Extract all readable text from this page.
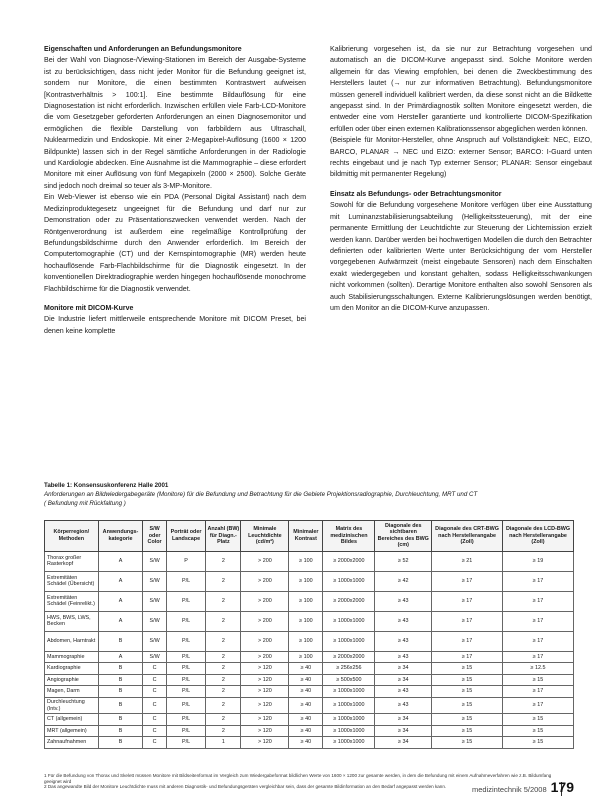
Eigenschaften und Anforderungen an Befundungsmonitore
Bei der Wahl von Diagnose-/Viewing-Stationen im Bereich der Ausgabe-Systeme ist zu berücksichtigen, dass nicht jeder Monitor für die Befundung geeignet ist, sondern nur Monitore, die einen bestimmten Kontrastwert aufweisen [Kontrastverhältnis > 100:1]. Eine bestimmte Bildauflösung für eine Diagnosestation ist nicht erforderlich. Inzwischen erfüllen viele Farb-LCD-Monitore die vom Gesetzgeber geforderten Anforderungen an einen Diagnosemonitor und ermöglichen die flexible Darstellung von farbbildern aus Ultraschall, Nuklearmedizin und Endoskopie. Mit einer 2-Megapixel-Auflösung (1600 × 1200 Bildpunkte) lassen sich in der Regel sämtliche Anforderungen in der Radiologie und Kardiologie abdecken. Eine Ausnahme ist die Mammographie – diese erfordert Monitore mit einer Auflösung von fünf Megapixeln (2000 × 2500). Solche Geräte sind jedoch noch dreimal so teuer als 3-MP-Monitore.
Ein Web-Viewer ist ebenso wie ein PDA (Personal Digital Assistant) nach dem Medizinproduktegesetz ungeeignet für die Befundung und darf nur zur Demonstration oder zu Präsentationszwecken verwendet werden. Nach der Röntgenverordnung ist außerdem eine regelmäßige Kontrollprüfung der Befundungsbildschirme durch den Anwender erforderlich. Im Bereich der Computertomographie (CT) und der Kernspintomographie (MR) werden heute hochauflösende Farb-Flachbildschirme für die Diagnostik eingesetzt. In der konventionellen Direktradiographie werden hingegen hochauflösende monochrome Flachbildschirme für die Diagnostik verwendet.
Monitore mit DICOM-Kurve
Die Industrie liefert mittlerweile entsprechende Monitore mit DICOM Preset, bei denen keine komplette
Kalibrierung vorgesehen ist, da sie nur zur Betrachtung vorgesehen und automatisch an die DICOM-Kurve angepasst sind. Solche Monitore werden allgemein für das Viewing empfohlen, bei denen die Zweckbestimmung des Herstellers lautet (→ nur zur informativen Betrachtung). Befundungsmonitore müssen generell individuell kalibriert werden, da diese sonst nicht an die Bildkette angepasst sind. In der Primärdiagnostik sollten Monitore eingesetzt werden, die entweder eine vom Hersteller garantierte und kontrollierte DICOM-Spezifikation erfüllen oder über einen externen Kalibrationssensor abgeglichen werden können.
(Beispiele für Monitor-Hersteller, ohne Anspruch auf Vollständigkeit: NEC, EIZO, BARCO, PLANAR → NEC und EIZO: externer Sensor; BARCO: I-Guard unten rechts eingebaut und je nach Typ externer Sensor; PLANAR: Sensor eingebaut bildmittig mit permanenter Regelung)
Einsatz als Befundungs- oder Betrachtungsmonitor
Sowohl für die Befundung vorgesehene Monitore verfügen über eine Ausstattung mit Luminanzstabilisierungsabteilung (Helligkeitssteuerung), mit der eine permanente Ermittlung der Leuchtdichte zur Steuerung der Lichtemission erzielt werden kann. Darüber werden bei hochwertigen Modellen die durch den Betrachter definierten oder kalibrierten Werte unter Berücksichtigung der vom Hersteller vorgegebenen Aufwärmzeit (meist eingebaute Sensoren) nach dem Einschalten exakt wiedergegeben und konstant gehalten, sodass Helligkeitsschwankungen nicht vorkommen (sollten). Derartige Monitore enthalten also sowohl Sensoren als auch Stabilisierungsschaltungen. Externe Kalibrierungslösungen werden benötigt, um den Monitor an die DICOM-Kurve anzupassen.
Tabelle 1: Konsensuskonferenz Halle 2001
Anforderungen an Bildwiedergabegeräte (Monitore) für die Befundung und Betrachtung für die Gebiete Projektionsradiographie, Durchleuchtung, MRT und CT
( Befundung mit Rückfaltung )
Körperregion/ Methoden	Anwendungs-kategorie	S/W oder Color	Porträt oder Landscape	Anzahl (BW) für Diagn.-Platz	Minimale Leuchtdichte (cd/m²)	Minimaler Kontrast	Matrix des medizinischen Bildes	Diagonale des sichtbaren Bereiches des BWG (cm)	Diagonale des CRT-BWG nach Herstellerangabe (Zoll)	Diagonale des LCD-BWG nach Herstellerangabe (Zoll)
Thorax großer Rasterkopf	A	S/W	P	2	> 200	≥ 100	≥ 2000x2000	≥ 52	≥ 21	≥ 19
Extremitäten Schädel (Übersicht)	A	S/W	P/L	2	> 200	≥ 100	≥ 1000x1000	≥ 42	≥ 17	≥ 17
Extremitäten Schädel (Feinrelikt.)	A	S/W	P/L	2	> 200	≥ 100	≥ 2000x2000	≥ 43	≥ 17	≥ 17
HWS, BWS, LWS, Becken	A	S/W	P/L	2	> 200	≥ 100	≥ 1000x1000	≥ 43	≥ 17	≥ 17
Abdomen, Harntrakt	B	S/W	P/L	2	> 200	≥ 100	≥ 1000x1000	≥ 43	≥ 17	≥ 17
Mammographie	A	S/W	P/L	2	> 200	≥ 100	≥ 2000x2000	≥ 43	≥ 17	≥ 17
Kardiographie	B	C	P/L	2	> 120	≥ 40	≥ 256x256	≥ 34	≥ 15	≥ 12.5
Angiographie	B	C	P/L	2	> 120	≥ 40	≥ 500x500	≥ 34	≥ 15	≥ 15
Magen, Darm	B	C	P/L	2	> 120	≥ 40	≥ 1000x1000	≥ 43	≥ 15	≥ 17
Durchleuchtung (Intv.)	B	C	P/L	2	> 120	≥ 40	≥ 1000x1000	≥ 43	≥ 15	≥ 17
CT (allgemein)	B	C	P/L	2	> 120	≥ 40	≥ 1000x1000	≥ 34	≥ 15	≥ 15
MRT (allgemein)	B	C	P/L	2	> 120	≥ 40	≥ 1000x1000	≥ 34	≥ 15	≥ 15
Zahnaufnahmen	B	C	P/L	1	> 120	≥ 40	≥ 1000x1000	≥ 34	≥ 15	≥ 15
1 Für die Befundung von Thorax und Skelett müssen Monitore mit Bildseitenformat im Vergleich zum Wiedergabeformat bildlichen Werte von 1600 × 1200 zur gesamte werden, in dem die Befundung mit einem Aufnahmeverfahren wie z.B. Bildumfang geeignet wird
2 Das angewandte Bild der Monitore Leuchtdichte muss mit anderen Diagnostik- und Befundungsgeräten vergleichbar sein, dass der gesamte Bildinformation an den Bedarf angepasst werden kann.	medizintechnik 5/2008 179
